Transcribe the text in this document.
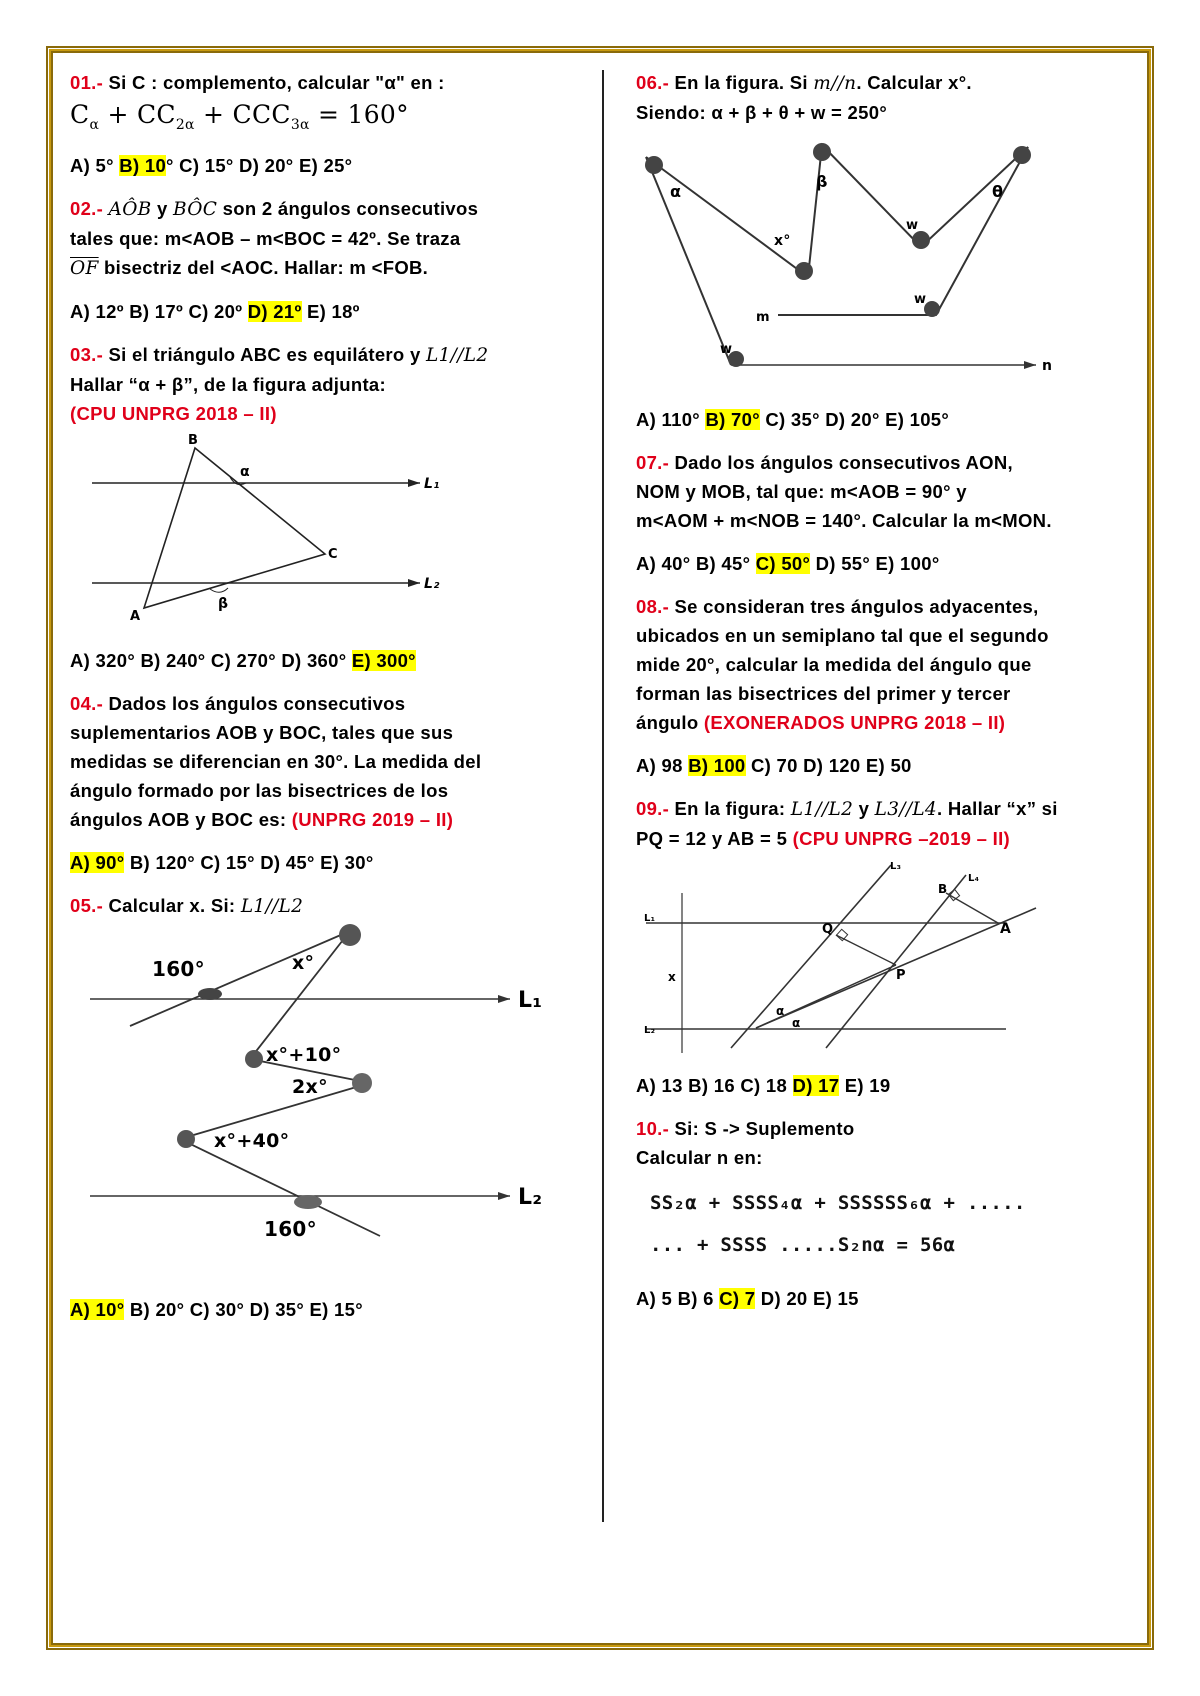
01.- Si C : complemento, calcular "α" en :
$C_\alpha + CC_{2\alpha} + CCC_{3\alpha} = 160^\circ$
A) 5° B) 10° C) 15° D) 20° E) 25°
02.- AÔB y BÔC son 2 ángulos consecutivos
tales que: m<AOB – m<BOC = 42º. Se traza
$\overline{OF}$ bisectriz del <AOC. Hallar: m <FOB.
A) 12º B) 17º C) 20º D) 21º E) 18º
03.- Si el triángulo ABC es equilátero y L1//L2
Hallar “α + β”, de la figura adjunta:
(CPU UNPRG 2018 – II)
B
C
A
α
β
L₁
L₂
A) 320° B) 240° C) 270° D) 360° E) 300°
04.- Dados los ángulos consecutivos
suplementarios AOB y BOC, tales que sus
medidas se diferencian en 30°. La medida del
ángulo formado por las bisectrices de los
ángulos AOB y BOC es: (UNPRG 2019 – II)
A) 90° B) 120° C) 15° D) 45° E) 30°
05.- Calcular x. Si: L1//L2
160°	x°
x°+10°
2x°
x°+40°
160°
L₁
L₂
A) 10° B) 20° C) 30° D) 35° E) 15°
06.- En la figura. Si m//n. Calcular x°.
Siendo: α + β + θ + w = 250°
α
β
θ
x°
w
w
w
m
n
A) 110° B) 70° C) 35° D) 20° E) 105°
07.- Dado los ángulos consecutivos AON,
NOM y MOB, tal que: m<AOB = 90° y
m<AOM + m<NOB = 140°. Calcular la m<MON.
A) 40° B) 45° C) 50° D) 55° E) 100°
08.- Se consideran tres ángulos adyacentes,
ubicados en un semiplano tal que el segundo
mide 20°, calcular la medida del ángulo que
forman las bisectrices del primer y tercer
ángulo (EXONERADOS UNPRG 2018 – II)
A) 98 B) 100 C) 70 D) 120 E) 50
09.- En la figura: L1//L2 y L3//L4. Hallar “x” si
PQ = 12 y AB = 5 (CPU UNPRG –2019 – II)
L₃
L₄
L₁
L₂
Q
P
A
B
x
α
α
A) 13 B) 16 C) 18 D) 17 E) 19
10.- Si: S -> Suplemento
Calcular n en:
SS₂α + SSSS₄α + SSSSSS₆α + .....
... + SSSS .....S₂nα = 56α
A) 5 B) 6 C) 7 D) 20 E) 15
